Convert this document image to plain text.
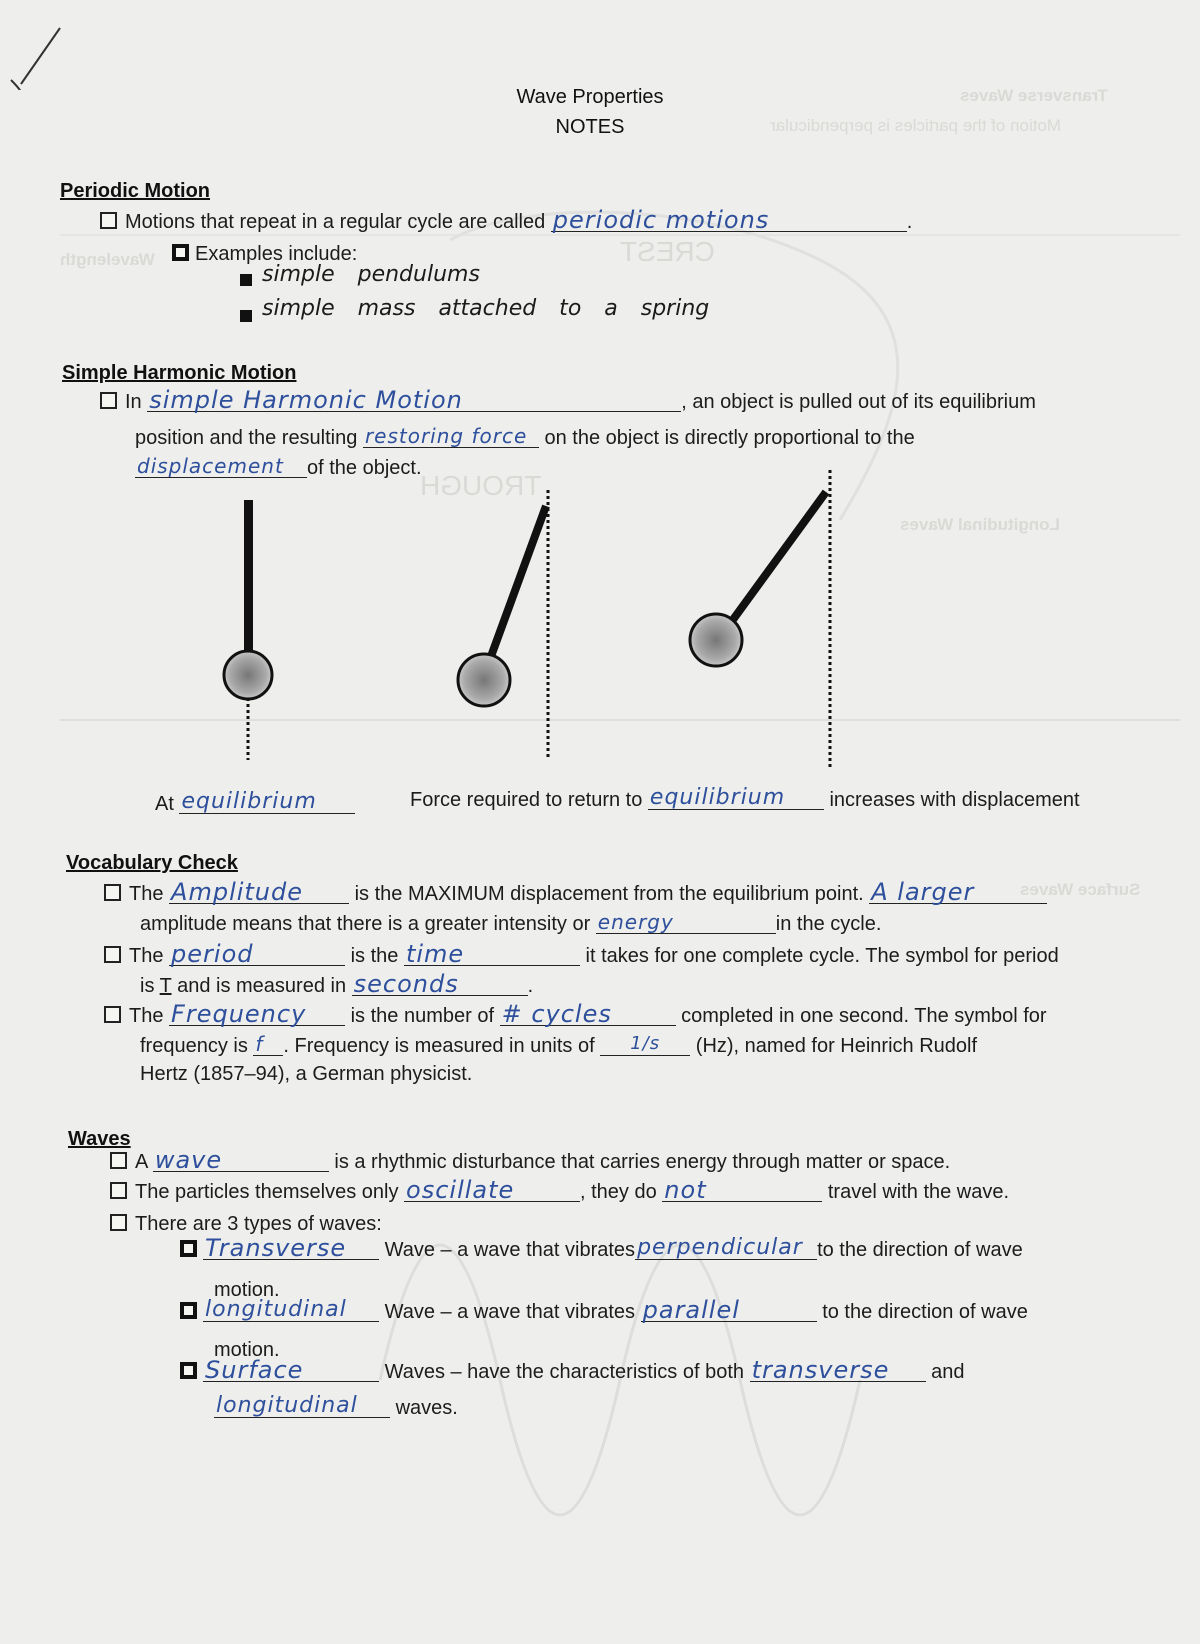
Transverse Waves
Motion of the particles is perpendicular
CREST
TROUGH
Longitudinal Waves
Surface Waves
Wavelength
Wave Properties
NOTES
Periodic Motion
Motions that repeat in a regular cycle are called periodic motions	.
Examples include:
simple pendulums
simple mass attached to a spring
Simple Harmonic Motion
In simple Harmonic Motion	, an object is pulled out of its equilibrium
position and the resulting restoring force on the object is directly proportional to the
displacement of the object.
At equilibrium	Force required to return to equilibrium increases with displacement
Vocabulary Check
The Amplitude	is the MAXIMUM displacement from the equilibrium point. A larger
amplitude means that there is a greater intensity or energy	in the cycle.
The period	is the time	it takes for one complete cycle. The symbol for period
is T and is measured in seconds	.
The Frequency is the number of # cycles	completed in one second. The symbol for
frequency is f . Frequency is measured in units of 1/s (Hz), named for Heinrich Rudolf
Hertz (1857–94), a German physicist.
Waves
A wave	is a rhythmic disturbance that carries energy through matter or space.
The particles themselves only oscillate	, they do not	travel with the wave.
There are 3 types of waves:
Transverse Wave – a wave that vibrates perpendicular to the direction of wave
motion.
longitudinal Wave – a wave that vibrates parallel	to the direction of wave
motion.
Surface	Waves – have the characteristics of both transverse and
longitudinal waves.
